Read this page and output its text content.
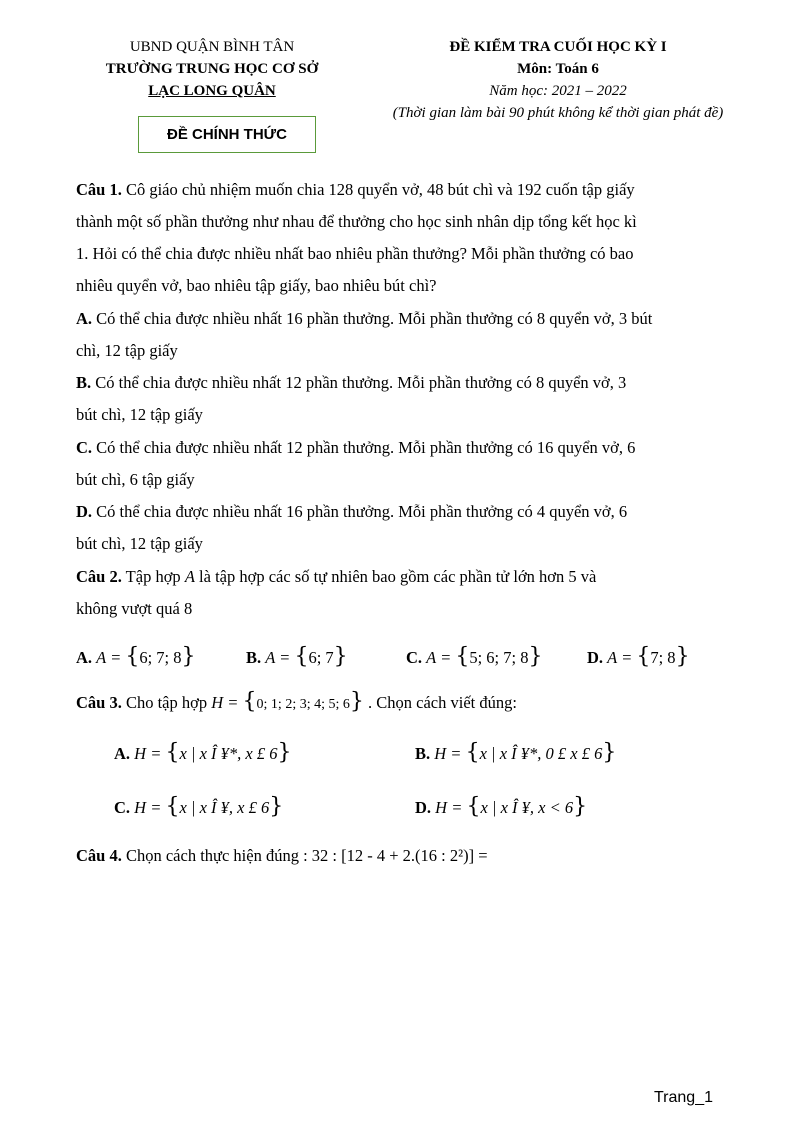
UBND QUẬN BÌNH TÂN
TRƯỜNG TRUNG HỌC CƠ SỞ
LẠC LONG QUÂN
ĐỀ KIỂM TRA CUỐI HỌC KỲ I
Môn: Toán 6
Năm học: 2021 – 2022
(Thời gian làm bài 90 phút không kể thời gian phát đề)
ĐỀ CHÍNH THỨC
Câu 1. Cô giáo chủ nhiệm muốn chia 128 quyển vở, 48 bút chì và 192 cuốn tập giấy
thành một số phần thưởng như nhau để thưởng cho học sinh nhân dịp tổng kết học kì
1. Hỏi có thể chia được nhiều nhất bao nhiêu phần thưởng? Mỗi phần thưởng có bao
nhiêu quyển vở, bao nhiêu tập giấy, bao nhiêu bút chì?
A. Có thể chia được nhiều nhất 16 phần thưởng. Mỗi phần thưởng có 8 quyển vở, 3 bút
chì, 12 tập giấy
B. Có thể chia được nhiều nhất 12 phần thưởng. Mỗi phần thưởng có 8 quyển vở, 3
bút chì, 12 tập giấy
C. Có thể chia được nhiều nhất 12 phần thưởng. Mỗi phần thưởng có 16 quyển vở, 6
bút chì, 6 tập giấy
D. Có thể chia được nhiều nhất 16 phần thưởng. Mỗi phần thưởng có 4 quyển vở, 6
bút chì, 12 tập giấy
Câu 2. Tập hợp A là tập hợp các số tự nhiên bao gồm các phần tử lớn hơn 5 và
không vượt quá 8
A. A = {6; 7; 8}	B. A = {6; 7}	C. A = {5; 6; 7; 8}	D. A = {7; 8}
Câu 3. Cho tập hợp H = {0; 1; 2; 3; 4; 5; 6} . Chọn cách viết đúng:
A. H = {x | x Î ¥*, x £ 6}	B. H = {x | x Î ¥*, 0 £ x £ 6}
C. H = {x | x Î ¥, x £ 6}	D. H = {x | x Î ¥, x < 6}
Câu 4. Chọn cách thực hiện đúng : 32 : [12 - 4 + 2.(16 : 2²)] =
Trang_1
